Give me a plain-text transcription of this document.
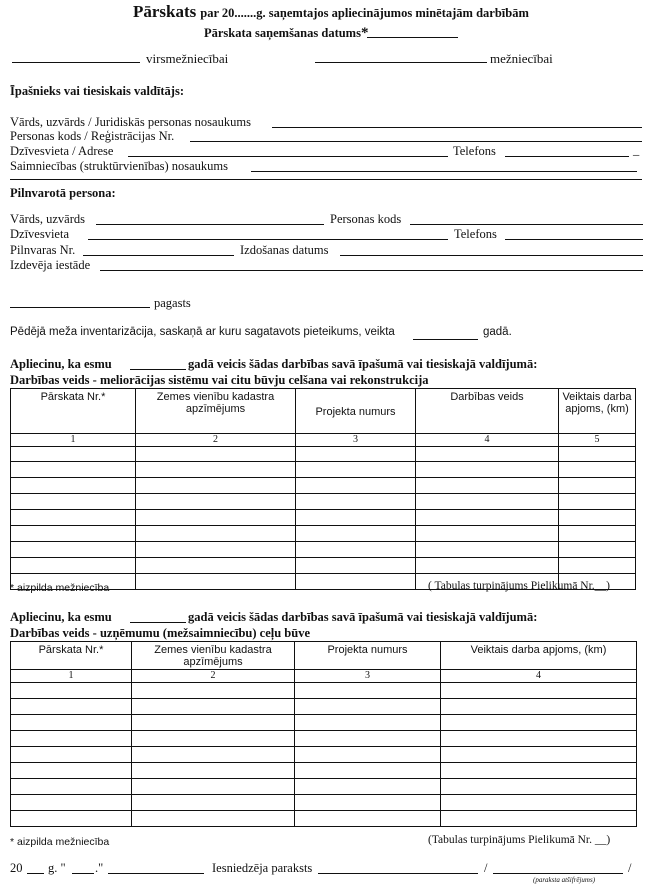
Pārskats par 20.......g. saņemtajos apliecinājumos minētajām darbībām
Pārskata saņemšanas datums*
virsmežniecībai	mežniecībai
Īpašnieks vai tiesiskais valdītājs:
Vārds, uzvārds / Juridiskās personas nosaukums
Personas kods / Reģistrācijas Nr.
Dzīvesvieta / Adrese	Telefons	_
Saimniecības (struktūrvienības) nosaukums
Pilnvarotā persona:
Vārds, uzvārds	Personas kods
Dzīvesvieta	Telefons
Pilnvaras Nr.	Izdošanas datums
Izdevēja iestāde
pagasts
Pēdējā meža inventarizācija, saskaņā ar kuru sagatavots pieteikums, veikta	gadā.
Apliecinu, ka esmu	gadā veicis šādas darbības savā īpašumā vai tiesiskajā valdījumā:
Darbības veids - meliorācijas sistēmu vai citu būvju celšana vai rekonstrukcija
Pārskata Nr.*	Zemes vienību kadastra apzīmējums	Projekta numurs	Darbības veids	Veiktais darba apjoms, (km)
1	2	3	4	5

* aizpilda mežniecība	( Tabulas turpinājums Pielikumā Nr.__)
Apliecinu, ka esmu	gadā veicis šādas darbības savā īpašumā vai tiesiskajā valdījumā:
Darbības veids - uzņēmumu (mežsaimniecību) ceļu būve
Pārskata Nr.*	Zemes vienību kadastra apzīmējums	Projekta numurs	Veiktais darba apjoms, (km)
1	2	3	4

* aizpilda mežniecība	(Tabulas turpinājums Pielikumā Nr. __)
20 g. " ."	Iesniedzēja paraksts	/	/
(paraksta atšifrējums)
